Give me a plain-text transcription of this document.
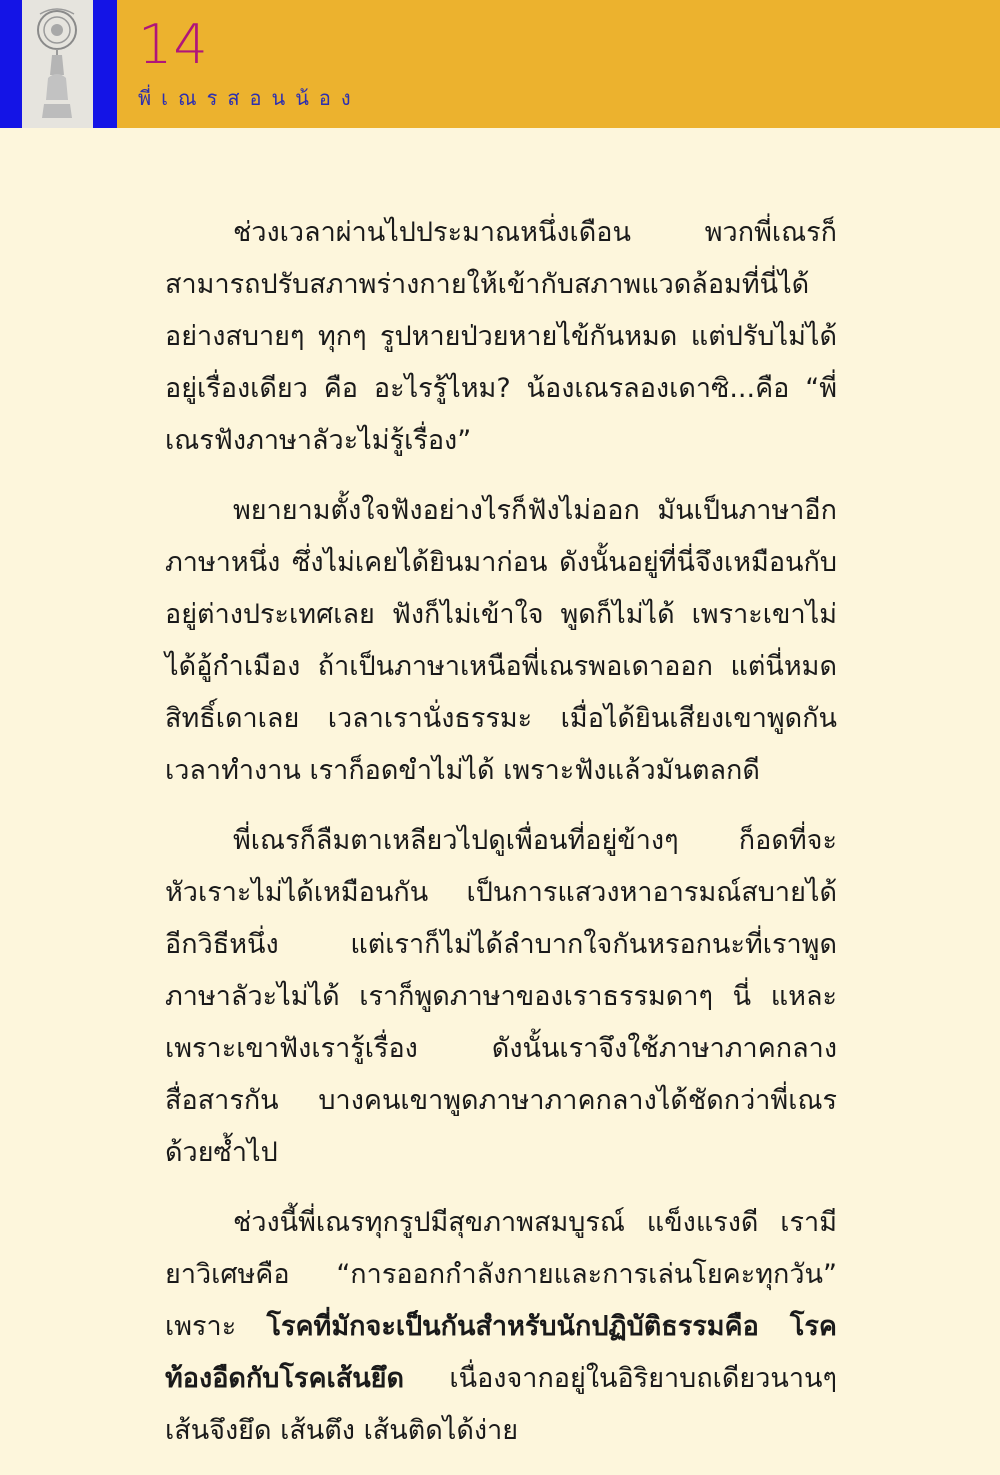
14
พี่เณรสอนน้อง

ช่วงเวลาผ่านไปประมาณหนึ่งเดือน พวกพี่เณรก็สามารถปรับสภาพร่างกายให้เข้ากับสภาพแวดล้อมที่นี่ได้อย่างสบายๆ ทุกๆ รูปหายป่วยหายไข้กันหมด แต่ปรับไม่ได้อยู่เรื่องเดียว คือ อะไรรู้ไหม? น้องเณรลองเดาซิ...คือ “พี่เณรฟังภาษาลัวะไม่รู้เรื่อง”

พยายามตั้งใจฟังอย่างไรก็ฟังไม่ออก มันเป็นภาษาอีกภาษาหนึ่ง ซึ่งไม่เคยได้ยินมาก่อน ดังนั้นอยู่ที่นี่จึงเหมือนกับอยู่ต่างประเทศเลย ฟังก็ไม่เข้าใจ พูดก็ไม่ได้ เพราะเขาไม่ได้อู้กำเมือง ถ้าเป็นภาษาเหนือพี่เณรพอเดาออก แต่นี่หมดสิทธิ์เดาเลย เวลาเรานั่งธรรมะ เมื่อได้ยินเสียงเขาพูดกันเวลาทำงาน เราก็อดขำไม่ได้ เพราะฟังแล้วมันตลกดี

พี่เณรก็ลืมตาเหลียวไปดูเพื่อนที่อยู่ข้างๆ ก็อดที่จะหัวเราะไม่ได้เหมือนกัน เป็นการแสวงหาอารมณ์สบายได้อีกวิธีหนึ่ง แต่เราก็ไม่ได้ลำบากใจกันหรอกนะที่เราพูดภาษาลัวะไม่ได้ เราก็พูดภาษาของเราธรรมดาๆ นี่ แหละ เพราะเขาฟังเรารู้เรื่อง ดังนั้นเราจึงใช้ภาษาภาคกลางสื่อสารกัน บางคนเขาพูดภาษาภาคกลางได้ชัดกว่าพี่เณรด้วยซ้ำไป

ช่วงนี้พี่เณรทุกรูปมีสุขภาพสมบูรณ์ แข็งแรงดี เรามียาวิเศษคือ “การออกกำลังกายและการเล่นโยคะทุกวัน” เพราะ โรคที่มักจะเป็นกันสำหรับนักปฏิบัติธรรมคือ โรคท้องอืดกับโรคเส้นยึด เนื่องจากอยู่ในอิริยาบถเดียวนานๆ เส้นจึงยึด เส้นตึง เส้นติดได้ง่าย
